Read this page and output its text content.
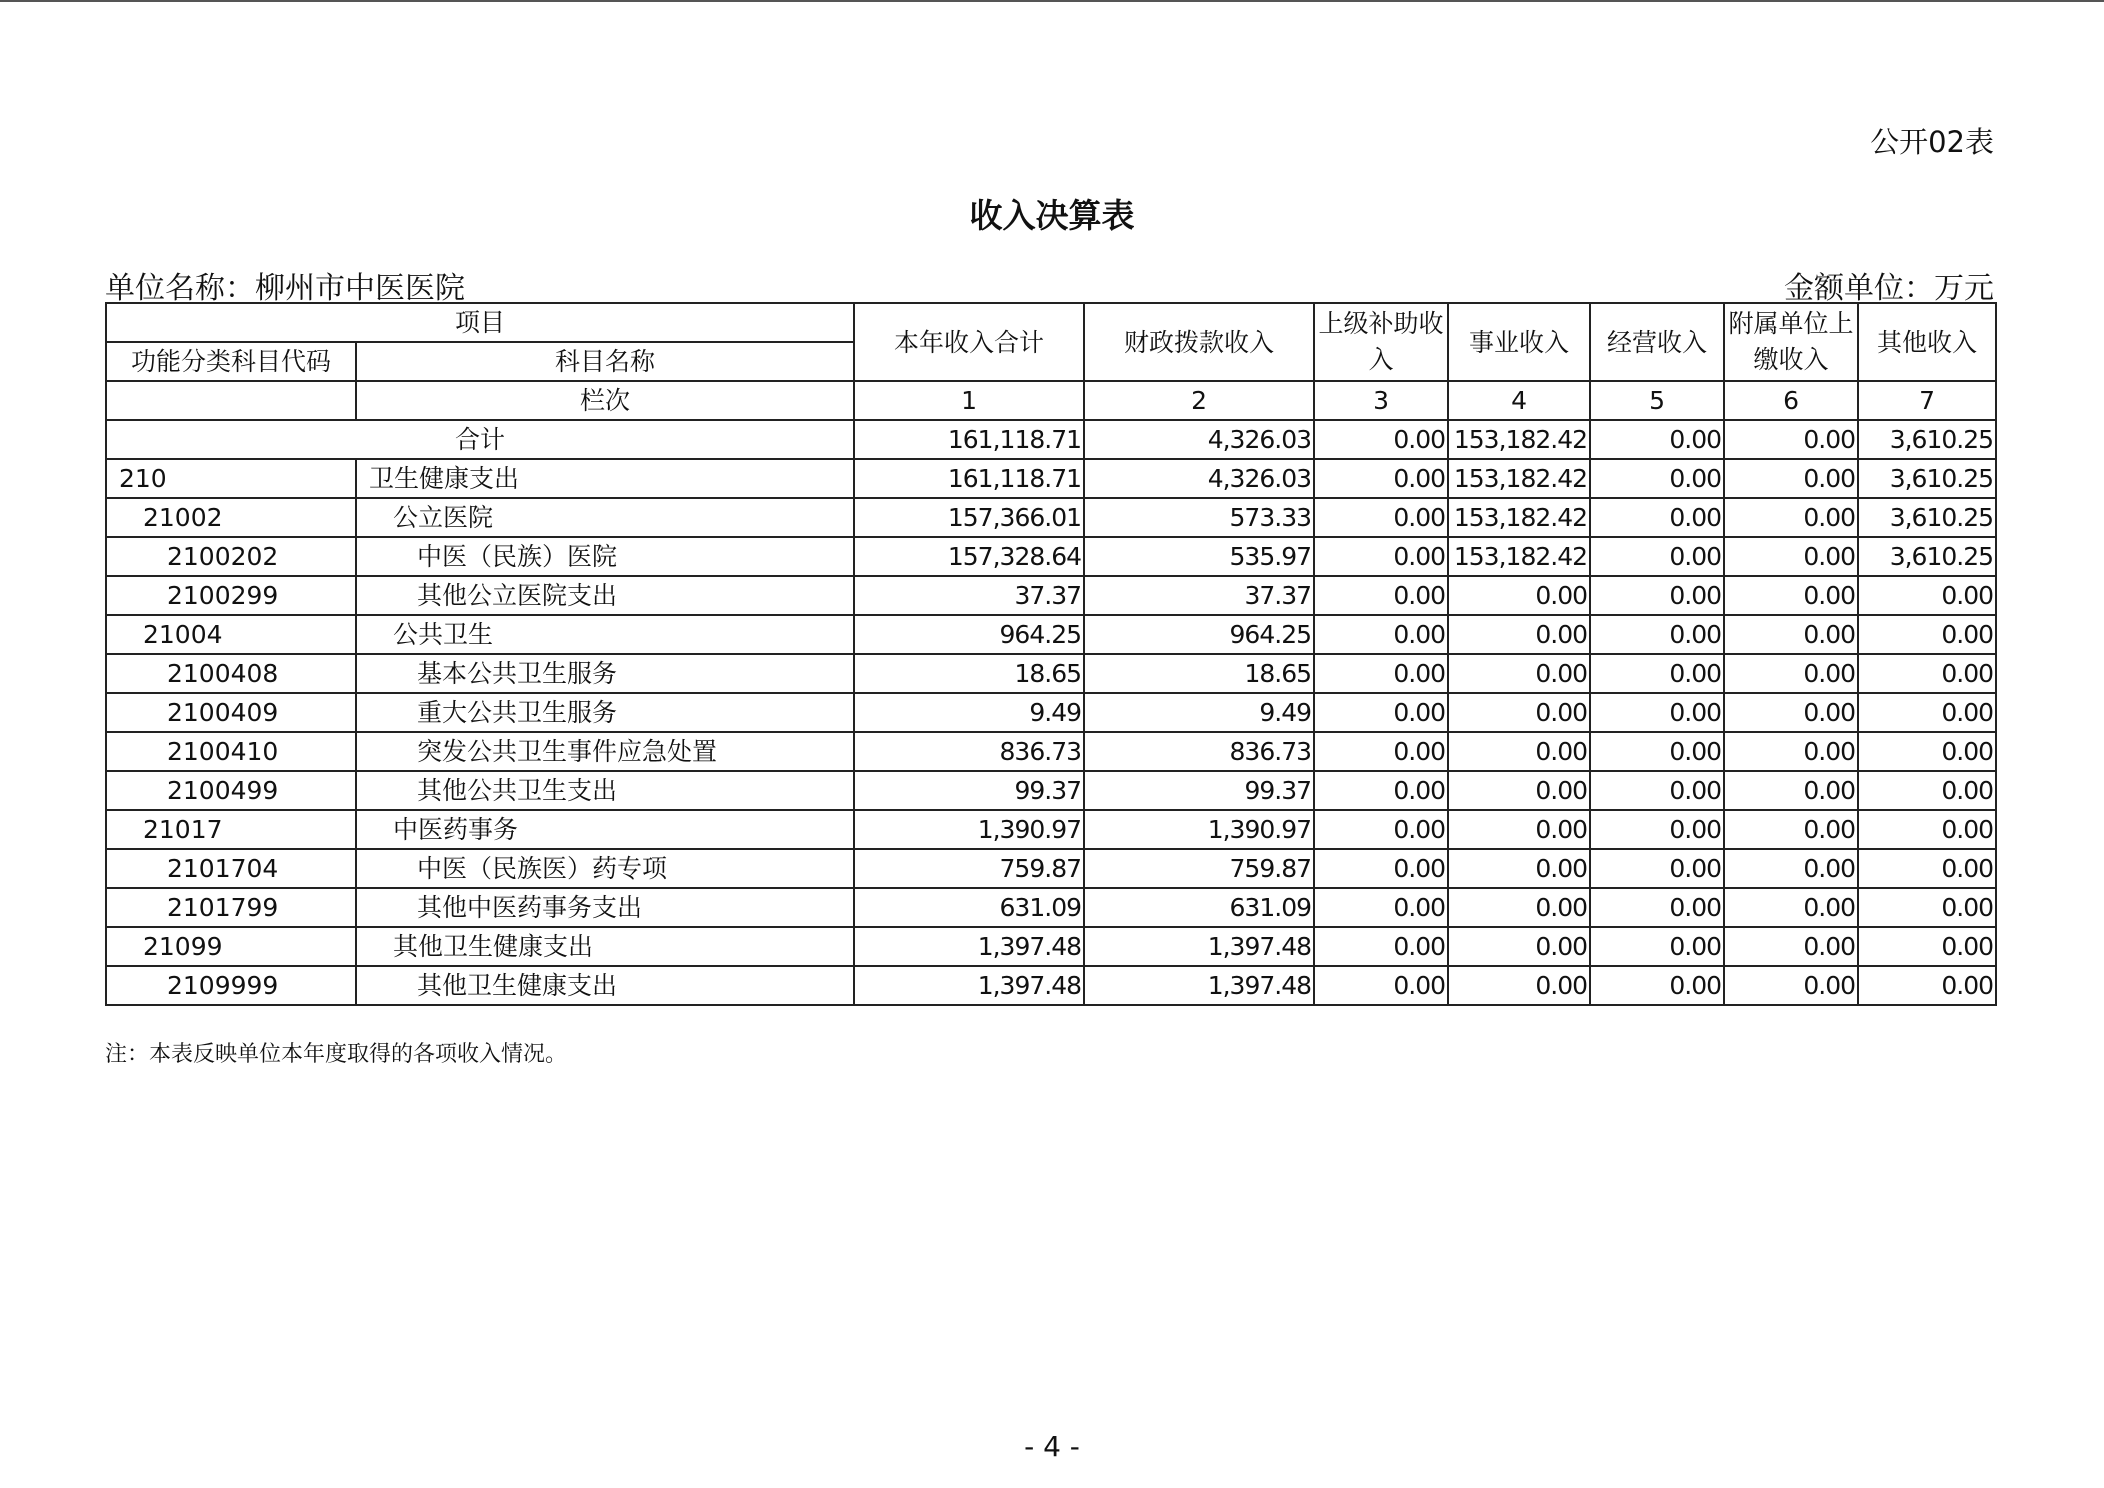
公开02表
收入决算表
单位名称：柳州市中医医院	金额单位：万元
项目		本年收入合计	财政拨款收入	上级补助收入	事业收入	经营收入	附属单位上缴收入	其他收入
功能分类科目代码	科目名称							
	栏次	1	2	3	4	5	6	7
合计		161,118.71	4,326.03	0.00	153,182.42	0.00	0.00	3,610.25
210	卫生健康支出	161,118.71	4,326.03	0.00	153,182.42	0.00	0.00	3,610.25
21002	公立医院	157,366.01	573.33	0.00	153,182.42	0.00	0.00	3,610.25
2100202	中医（民族）医院	157,328.64	535.97	0.00	153,182.42	0.00	0.00	3,610.25
2100299	其他公立医院支出	37.37	37.37	0.00	0.00	0.00	0.00	0.00
21004	公共卫生	964.25	964.25	0.00	0.00	0.00	0.00	0.00
2100408	基本公共卫生服务	18.65	18.65	0.00	0.00	0.00	0.00	0.00
2100409	重大公共卫生服务	9.49	9.49	0.00	0.00	0.00	0.00	0.00
2100410	突发公共卫生事件应急处置	836.73	836.73	0.00	0.00	0.00	0.00	0.00
2100499	其他公共卫生支出	99.37	99.37	0.00	0.00	0.00	0.00	0.00
21017	中医药事务	1,390.97	1,390.97	0.00	0.00	0.00	0.00	0.00
2101704	中医（民族医）药专项	759.87	759.87	0.00	0.00	0.00	0.00	0.00
2101799	其他中医药事务支出	631.09	631.09	0.00	0.00	0.00	0.00	0.00
21099	其他卫生健康支出	1,397.48	1,397.48	0.00	0.00	0.00	0.00	0.00
2109999	其他卫生健康支出	1,397.48	1,397.48	0.00	0.00	0.00	0.00	0.00
注：本表反映单位本年度取得的各项收入情况。
- 4 -
